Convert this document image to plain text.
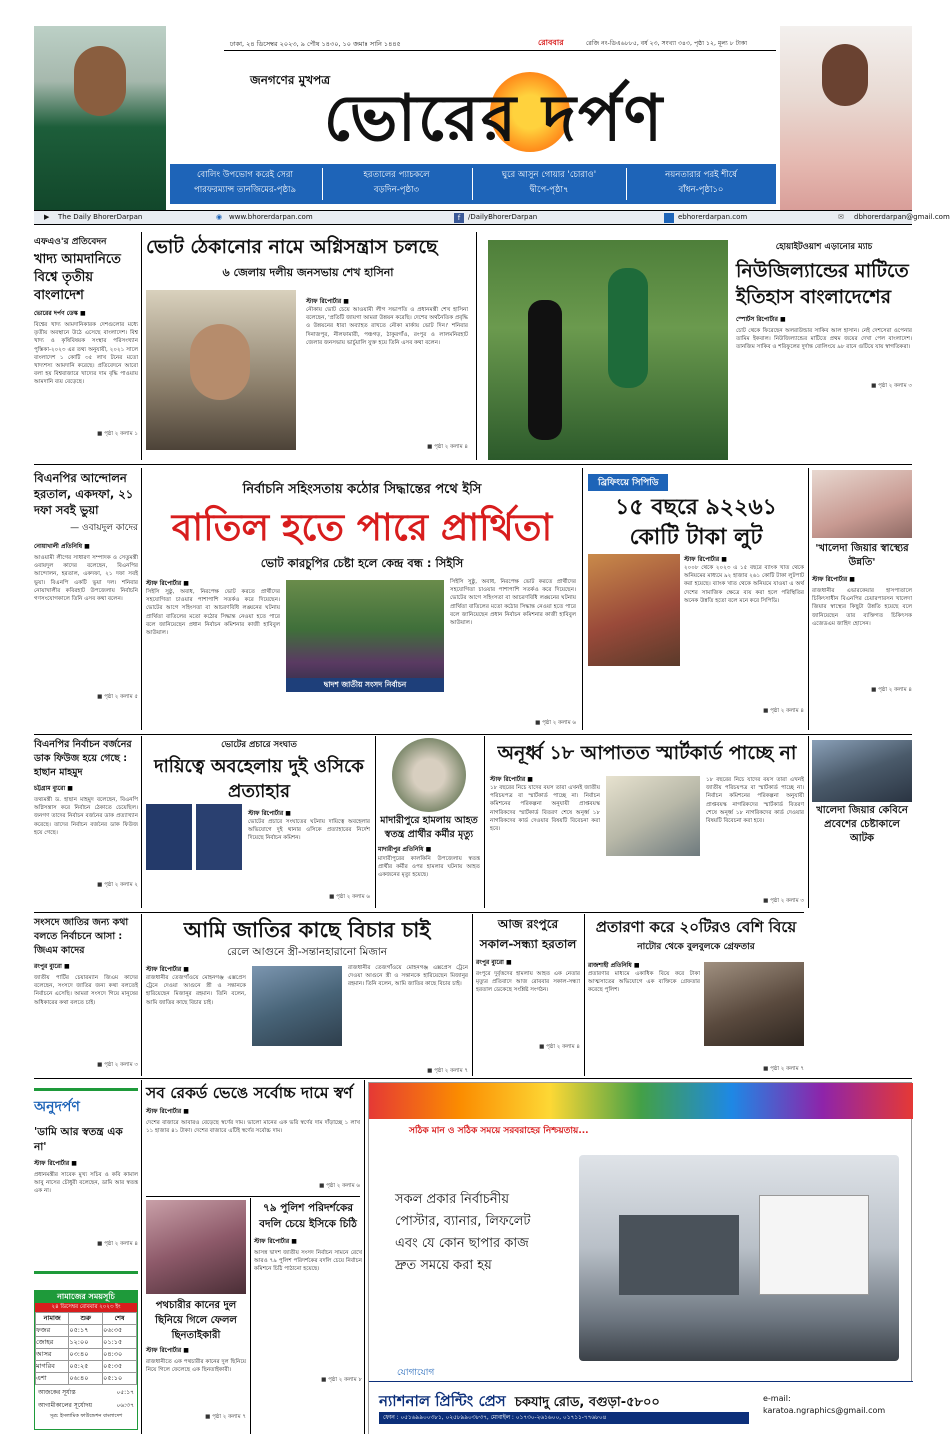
ঢাকা, ২৪ ডিসেম্বর ২০২৩, ৯ পৌষ ১৪৩০, ১০ জমাঃ সানি ১৪৪৫	রোববার	রেজি নং-ডিএ৬৮৮৫, বর্ষ ২৩, সংখ্যা ৩৪৩, পৃষ্ঠা ১২, মূল্য ৮ টাকা
জনগণের মুখপত্র
ভোরের দর্পণ
বোলিং উপভোগ করেই সেরা
পারফরম্যান্স তানজিমের-পৃষ্ঠা৯
হরতালের প্যাচকলে
বড়দিন-পৃষ্ঠা৩
ঘুরে আসুন গোয়ার 'চোরাও'
দ্বীপে-পৃষ্ঠা৭
নয়নতারার পরই শীর্ষে
বাঁধন-পৃষ্ঠা১০
▶ The Daily BhorerDarpan	◉ www.bhorerdarpan.com	f	/DailyBhorerDarpan	ebhorerdarpan.com	✉ dbhorerdarpan@gmail.com
এফএও'র প্রতিবেদন
খাদ্য আমদানিতে বিশ্বে তৃতীয় বাংলাদেশ
ভোরের দর্পণ ডেস্ক ■
বিশ্বের খাদ্য আমদানিকারক দেশগুলোর মধ্যে তৃতীয় অবস্থানে উঠে এসেছে বাংলাদেশ। বিশ্ব খাদ্য ও কৃষিবিষয়ক সংস্থার পরিসংখ্যান পুস্তিকা-২০২৩ এর তথ্য অনুযায়ী, ২০২১ সালে বাংলাদেশ ১ কোটি ৩৫ লাখ টনের মতো খাদ্যশস্য আমদানি করেছে। প্রতিবেদনে আরো বলা হয় বিশ্ববাজারে খাদ্যের দাম বৃদ্ধি পাওয়ায় আমদানি ব্যয় বেড়েছে।
■ পৃষ্ঠা ২ কলাম ১
ভোট ঠেকানোর নামে অগ্নিসন্ত্রাস চলছে
৬ জেলায় দলীয় জনসভায় শেখ হাসিনা
স্টাফ রিপোর্টার ■
নৌকায় ভোট চেয়ে আওয়ামী লীগ সভাপতি ও প্রধানমন্ত্রী শেখ হাসিনা বলেছেন, 'প্রতিটি জায়গা আমরা উন্নয়ন করেছি। দেশের অর্থনৈতিক প্রবৃদ্ধি ও উন্নয়নের ধারা অব্যাহত রাখতে নৌকা মার্কায় ভোট দিন।' শনিবার দিনাজপুর, নীলফামারী, পঞ্চগড়, ঠাকুরগাঁও, রংপুর ও লালমনিরহাট জেলার জনসভায় ভার্চুয়ালি যুক্ত হয়ে তিনি এসব কথা বলেন।
■ পৃষ্ঠা ২ কলাম ৪
হোয়াইটওয়াশ এড়ানোর ম্যাচ
নিউজিল্যান্ডের মাটিতে ইতিহাস বাংলাদেশের
স্পোর্টস রিপোর্টার ■
চোট থেকে ফিরেছেন অলরাউন্ডার সাকিব আল হাসান। নেই দেশসেরা ওপেনার তামিম ইকবাল। নিউজিল্যান্ডের মাটিতে প্রথম জয়ের দেখা পেল বাংলাদেশ। তানজিম সাকিব ও শরিফুলের দুর্দান্ত বোলিংয়ে ৯৮ রানে গুটিয়ে যায় স্বাগতিকরা।
■ পৃষ্ঠা ২ কলাম ৩
বিএনপির আন্দোলন হরতাল, একদফা, ২১ দফা সবই ভুয়া
— ওবায়দুল কাদের
নোয়াখালী প্রতিনিধি ■
আওয়ামী লীগের সাধারণ সম্পাদক ও সেতুমন্ত্রী ওবায়দুল কাদের বলেছেন, বিএনপির আন্দোলন, হরতাল, একদফা, ২১ দফা সবই ভুয়া। বিএনপি একটি ভুয়া দল। শনিবার নোয়াখালীর কবিরহাট উপজেলায় নির্বাচনি গণসংযোগকালে তিনি এসব কথা বলেন।
■ পৃষ্ঠা ২ কলাম ৫
নির্বাচনি সহিংসতায় কঠোর সিদ্ধান্তের পথে ইসি
বাতিল হতে পারে প্রার্থিতা
ভোট কারচুপির চেষ্টা হলে কেন্দ্র বন্ধ : সিইসি
স্টাফ রিপোর্টার ■
সিইসি সুষ্ঠু, অবাধ, নিরপেক্ষ ভোট করতে প্রার্থীদের সহযোগিতা চাওয়ার পাশাপাশি সতর্কও করে দিয়েছেন। ভোটের আগে সহিংসতা বা আচরণবিধি লঙ্ঘনের ঘটনায় প্রার্থিতা বাতিলের মতো কঠোর সিদ্ধান্ত নেওয়া হতে পারে বলে জানিয়েছেন প্রধান নির্বাচন কমিশনার কাজী হাবিবুল আউয়াল।
দ্বাদশ জাতীয় সংসদ নির্বাচন
সিইসি সুষ্ঠু, অবাধ, নিরপেক্ষ ভোট করতে প্রার্থীদের সহযোগিতা চাওয়ার পাশাপাশি সতর্কও করে দিয়েছেন। ভোটের আগে সহিংসতা বা আচরণবিধি লঙ্ঘনের ঘটনায় প্রার্থিতা বাতিলের মতো কঠোর সিদ্ধান্ত নেওয়া হতে পারে বলে জানিয়েছেন প্রধান নির্বাচন কমিশনার কাজী হাবিবুল আউয়াল।
■ পৃষ্ঠা ২ কলাম ৬
ব্রিফিংয়ে সিপিডি
১৫ বছরে ৯২২৬১ কোটি টাকা লুট
স্টাফ রিপোর্টার ■
২০০৮ থেকে ২০২৩ এ ১৫ বছরে ব্যাংক খাত থেকে অনিয়মের মাধ্যমে ৯২ হাজার ২৬১ কোটি টাকা লুটপাট করা হয়েছে। ব্যাংক খাত থেকে অনিয়মে যাওয়া এ অর্থ দেশের সামাজিক ক্ষেত্রে ব্যয় করা হলে পরিস্থিতির অনেক উন্নতি হতো বলে মনে করে সিপিডি।
■ পৃষ্ঠা ২ কলাম ৪
'খালেদা জিয়ার স্বাস্থ্যের উন্নতি'
স্টাফ রিপোর্টার ■
রাজধানীর এভারকেয়ার হাসপাতালে চিকিৎসাধীন বিএনপির চেয়ারপারসন খালেদা জিয়ার স্বাস্থ্যের কিছুটা উন্নতি হয়েছে বলে জানিয়েছেন তার ব্যক্তিগত চিকিৎসক এজেডএম জাহিদ হোসেন।
■ পৃষ্ঠা ২ কলাম ৪
বিএনপির নির্বাচন বর্জনের ডাক ফিউজ হয়ে গেছে : হাছান মাহমুদ
চট্টগ্রাম ব্যুরো ■
তথ্যমন্ত্রী ড. হাছান মাহমুদ বলেছেন, বিএনপি অগ্নিসন্ত্রাস করে নির্বাচন ঠেকাতে চেয়েছিল। জনগণ তাদের নির্বাচন বর্জনের ডাক প্রত্যাখ্যান করেছে। তাদের নির্বাচন বর্জনের ডাক ফিউজ হয়ে গেছে।
■ পৃষ্ঠা ২ কলাম ২
ভোটের প্রচারে সংঘাত
দায়িত্বে অবহেলায় দুই ওসিকে প্রত্যাহার
স্টাফ রিপোর্টার ■
ভোটের প্রচারে সংঘাতের ঘটনায় দায়িত্বে অবহেলার অভিযোগে দুই থানার ওসিকে প্রত্যাহারের নির্দেশ দিয়েছে নির্বাচন কমিশন।
■ পৃষ্ঠা ২ কলাম ৬
মাদারীপুরে হামলায় আহত স্বতন্ত্র প্রার্থীর কর্মীর মৃত্যু
মাদারীপুর প্রতিনিধি ■
মাদারীপুরের কালকিনি উপজেলায় স্বতন্ত্র প্রার্থীর কর্মীর ওপর হামলার ঘটনায় আহত একজনের মৃত্যু হয়েছে।
অনূর্ধ্ব ১৮ আপাতত স্মার্টকার্ড পাচ্ছে না
স্টাফ রিপোর্টার ■
১৮ বছরের নিচে যাদের বয়স তারা এখনই জাতীয় পরিচয়পত্র বা স্মার্টকার্ড পাচ্ছে না। নির্বাচন কমিশনের পরিকল্পনা অনুযায়ী প্রাপ্তবয়স্ক নাগরিকদের স্মার্টকার্ড বিতরণ শেষে অনূর্ধ্ব ১৮ নাগরিকদের কার্ড দেওয়ার বিষয়টি বিবেচনা করা হবে।
১৮ বছরের নিচে যাদের বয়স তারা এখনই জাতীয় পরিচয়পত্র বা স্মার্টকার্ড পাচ্ছে না। নির্বাচন কমিশনের পরিকল্পনা অনুযায়ী প্রাপ্তবয়স্ক নাগরিকদের স্মার্টকার্ড বিতরণ শেষে অনূর্ধ্ব ১৮ নাগরিকদের কার্ড দেওয়ার বিষয়টি বিবেচনা করা হবে।
■ পৃষ্ঠা ২ কলাম ৩
খালেদা জিয়ার কেবিনে প্রবেশের চেষ্টাকালে আটক
সংসদে জাতির জন্য কথা বলতে নির্বাচনে আসা : জিএম কাদের
রংপুর ব্যুরো ■
জাতীয় পার্টির চেয়ারম্যান জিএম কাদের বলেছেন, সংসদে জাতির জন্য কথা বলতেই নির্বাচনে এসেছি। আমরা সংসদে গিয়ে মানুষের অধিকারের কথা বলতে চাই।
■ পৃষ্ঠা ২ কলাম ৩
আমি জাতির কাছে বিচার চাই
রেলে আগুনে স্ত্রী-সন্তানহারানো মিজান
স্টাফ রিপোর্টার ■
রাজধানীর তেজগাঁওয়ে মোহনগঞ্জ এক্সপ্রেস ট্রেনে দেওয়া আগুনে স্ত্রী ও সন্তানকে হারিয়েছেন মিজানুর রহমান। তিনি বলেন, আমি জাতির কাছে বিচার চাই।
রাজধানীর তেজগাঁওয়ে মোহনগঞ্জ এক্সপ্রেস ট্রেনে দেওয়া আগুনে স্ত্রী ও সন্তানকে হারিয়েছেন মিজানুর রহমান। তিনি বলেন, আমি জাতির কাছে বিচার চাই।
■ পৃষ্ঠা ২ কলাম ৭
আজ রংপুরে
সকাল-সন্ধ্যা হরতাল
রংপুর ব্যুরো ■
রংপুরে দুর্বৃত্তদের হামলায় আহত এক নেতার মৃত্যুর প্রতিবাদে আজ রোববার সকাল-সন্ধ্যা হরতাল ডেকেছে সংশ্লিষ্ট সংগঠন।
■ পৃষ্ঠা ২ কলাম ৪
প্রতারণা করে ২০টিরও বেশি বিয়ে
নাটোর থেকে বুলবুলকে গ্রেফতার
রাজশাহী প্রতিনিধি ■
প্রতারণার মাধ্যমে একাধিক বিয়ে করে টাকা আত্মসাতের অভিযোগে এক ব্যক্তিকে গ্রেফতার করেছে পুলিশ।
■ পৃষ্ঠা ২ কলাম ৭
অনুদর্পণ
'ডামি আর স্বতন্ত্র এক না'
স্টাফ রিপোর্টার ■
প্রধানমন্ত্রীর সাবেক মুখ্য সচিব ও কবি কামাল আবু নাসের চৌধুরী বলেছেন, ডামি আর স্বতন্ত্র এক না।
■ পৃষ্ঠা ২ কলাম ৪
নামাজের সময়সূচি
২৪ ডিসেম্বর রোববার ২০২৩ ইং
নামাজ	শুরু	শেষ
ফজর	০৫:১৭	০৬:৩৫
জোহর	১২:০০	০১:১৫
আসর	০৩:৪০	০৪:৩০
মাগরিব	০৫:২৫	০৫:৩৫
এশা	০৬:৪০	০৫:১০
আজকের সূর্যাস্ত	০৫:১৭
আগামীকালের সূর্যোদয়	০৬:৩৭
সূত্র: ইসলামিক ফাউন্ডেশন বাংলাদেশ
সব রেকর্ড ভেঙে সর্বোচ্চ দামে স্বর্ণ
স্টাফ রিপোর্টার ■
দেশের বাজারে আবারও বেড়েছে স্বর্ণের দাম। ভালো মানের এক ভরি স্বর্ণের দাম দাঁড়াচ্ছে ১ লাখ ১১ হাজার ৪১ টাকা। দেশের বাজারে এটিই স্বর্ণের সর্বোচ্চ দাম।
■ পৃষ্ঠা ২ কলাম ৬
পথচারীর কানের দুল ছিনিয়ে গিলে ফেলল ছিনতাইকারী
স্টাফ রিপোর্টার ■
রাজধানীতে এক পথচারীর কানের দুল ছিনিয়ে নিয়ে গিলে ফেলেছে এক ছিনতাইকারী।
■ পৃষ্ঠা ২ কলাম ৭
৭৯ পুলিশ পরিদর্শকের বদলি চেয়ে ইসিকে চিঠি
স্টাফ রিপোর্টার ■
আসন্ন দ্বাদশ জাতীয় সংসদ নির্বাচন সামনে রেখে আরও ৭৯ পুলিশ পরিদর্শকের বদলি চেয়ে নির্বাচন কমিশনে চিঠি পাঠানো হয়েছে।
■ পৃষ্ঠা ২ কলাম ৮
সঠিক মান ও সঠিক সময়ে সরবরাহের নিশ্চয়তায়...
সকল প্রকার নির্বাচনীয়
পোস্টার, ব্যানার, লিফলেট
এবং যে কোন ছাপার কাজ
দ্রুত সময়ে করা হয়
যোগাযোগ
ন্যাশনাল প্রিন্টিং প্রেস চকযাদু রোড, বগুড়া-৫৮০০
ফোন : ০৫১৬৯৯০০৩৮১, ০২৫৮৯৯০৩৮৩৭, মোবাইল : ০১৭৩০-২৬১৬০০, ০১৭১১-৭৭৬৮০৪
e-mail:
karatoa.ngraphics@gmail.com
